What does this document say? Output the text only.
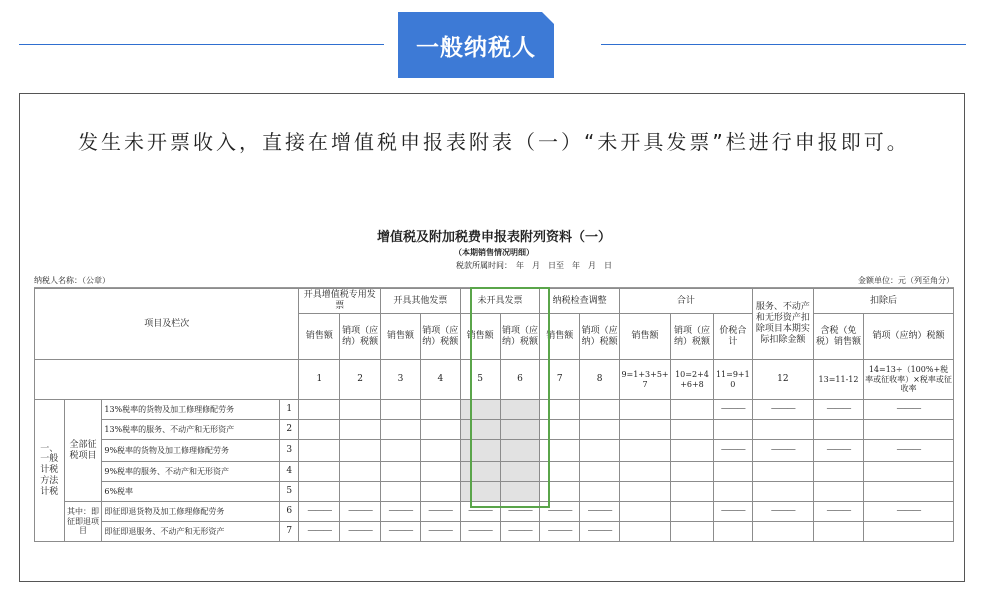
一般纳税人
发生未开票收入，直接在增值税申报表附表（一）“未开具发票”栏进行申报即可。
增值税及附加税费申报表附列资料（一）
（本期销售情况明细）
税款所属时间：　年　月　日至　年　月　日
纳税人名称：（公章）	金额单位：元（列至角分）
项目及栏次				开具增值税专用发票		开具其他发票		未开具发票		纳税检查调整		合计			服务、不动产和无形资产扣除项目本期实际扣除金额	扣除后	
				销售额	销项（应纳）税额	销售额	销项（应纳）税额	销售额	销项（应纳）税额	销售额	销项（应纳）税额	销售额	销项（应纳）税额	价税合计		含税（免税）销售额	销项（应纳）税额
				1	2	3	4	5	6	7	8	9=1+3+5+7	10=2+4+6+8	11=9+10	12	13=11-12	14=13÷（100%+税率或征收率）×税率或征收率
一、一般计税方法计税	全部征税项目	13%税率的货物及加工修理修配劳务	1											———	———	———	———
		13%税率的服务、不动产和无形资产	2														
		9%税率的货物及加工修理修配劳务	3											———	———	———	———
		9%税率的服务、不动产和无形资产	4														
		6%税率	5														
	其中：即征即退项目	即征即退货物及加工修理修配劳务	6	———	———	———	———	———	———	———	———			———	———	———	———
		即征即退服务、不动产和无形资产	7	———	———	———	———	———	———	———	———						
